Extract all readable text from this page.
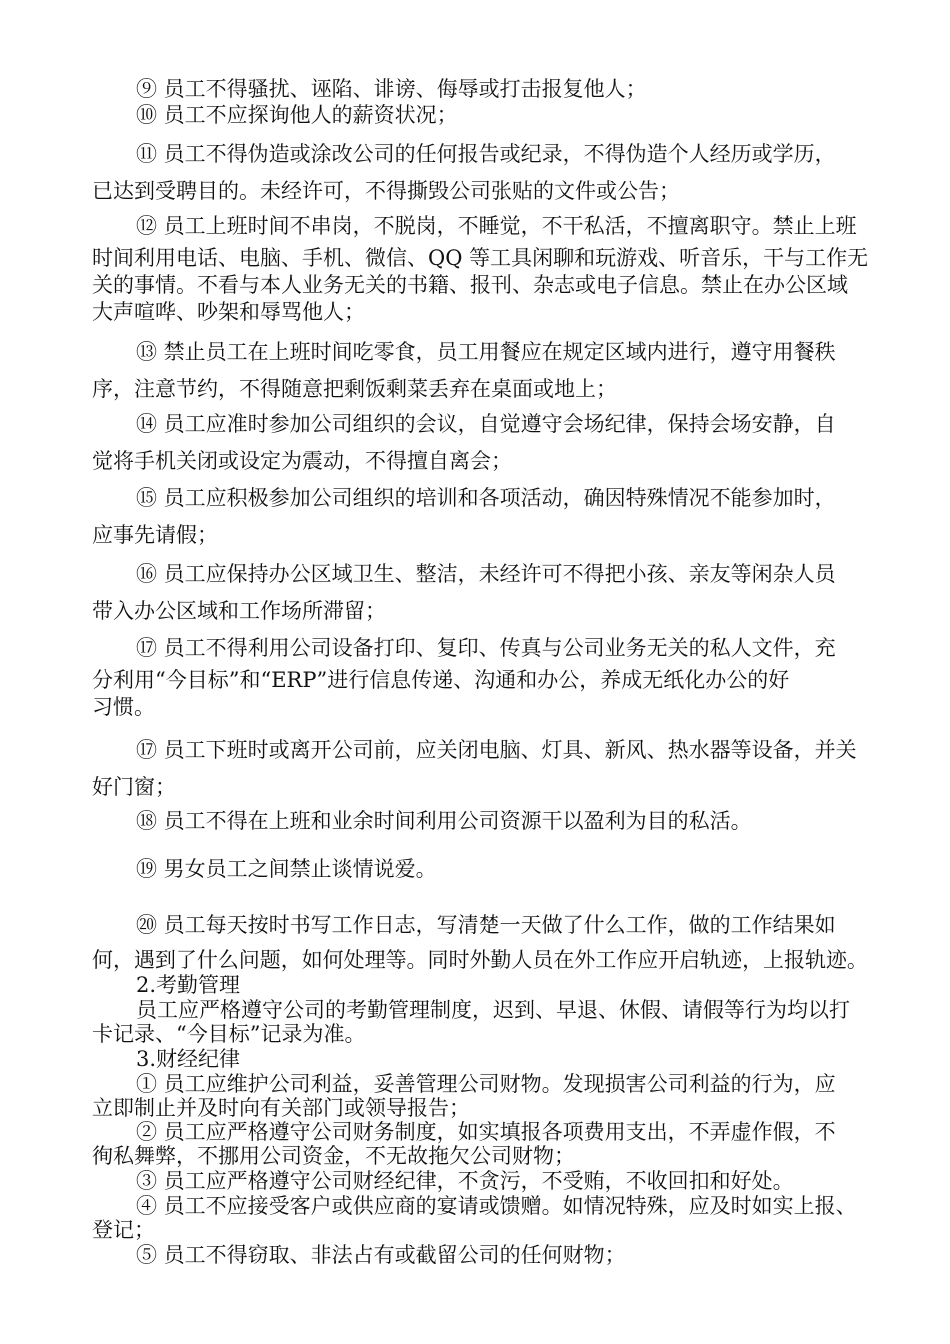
⑨ 员工不得骚扰、诬陷、诽谤、侮辱或打击报复他人；
⑩ 员工不应探询他人的薪资状况；
⑪ 员工不得伪造或涂改公司的任何报告或纪录，不得伪造个人经历或学历，
已达到受聘目的。未经许可，不得撕毁公司张贴的文件或公告；
⑫ 员工上班时间不串岗，不脱岗，不睡觉，不干私活，不擅离职守。禁止上班
时间利用电话、电脑、手机、微信、QQ 等工具闲聊和玩游戏、听音乐，干与工作无
关的事情。不看与本人业务无关的书籍、报刊、杂志或电子信息。禁止在办公区域
大声喧哗、吵架和辱骂他人；
⑬ 禁止员工在上班时间吃零食，员工用餐应在规定区域内进行，遵守用餐秩
序，注意节约，不得随意把剩饭剩菜丢弃在桌面或地上；
⑭ 员工应准时参加公司组织的会议，自觉遵守会场纪律，保持会场安静，自
觉将手机关闭或设定为震动，不得擅自离会；
⑮ 员工应积极参加公司组织的培训和各项活动，确因特殊情况不能参加时，
应事先请假；
⑯ 员工应保持办公区域卫生、整洁，未经许可不得把小孩、亲友等闲杂人员
带入办公区域和工作场所滞留；
⑰ 员工不得利用公司设备打印、复印、传真与公司业务无关的私人文件，充
分利用“今目标”和“ERP”进行信息传递、沟通和办公，养成无纸化办公的好
习惯。
⑰ 员工下班时或离开公司前，应关闭电脑、灯具、新风、热水器等设备，并关
好门窗；
⑱ 员工不得在上班和业余时间利用公司资源干以盈利为目的私活。
⑲ 男女员工之间禁止谈情说爱。
⑳ 员工每天按时书写工作日志，写清楚一天做了什么工作，做的工作结果如
何，遇到了什么问题，如何处理等。同时外勤人员在外工作应开启轨迹，上报轨迹。
2.考勤管理
员工应严格遵守公司的考勤管理制度，迟到、早退、休假、请假等行为均以打
卡记录、“今目标”记录为准。
3.财经纪律
① 员工应维护公司利益，妥善管理公司财物。发现损害公司利益的行为，应
立即制止并及时向有关部门或领导报告；
② 员工应严格遵守公司财务制度，如实填报各项费用支出，不弄虚作假，不
徇私舞弊，不挪用公司资金，不无故拖欠公司财物；
③ 员工应严格遵守公司财经纪律，不贪污，不受贿，不收回扣和好处。
④ 员工不应接受客户或供应商的宴请或馈赠。如情况特殊，应及时如实上报、
登记；
⑤ 员工不得窃取、非法占有或截留公司的任何财物；
